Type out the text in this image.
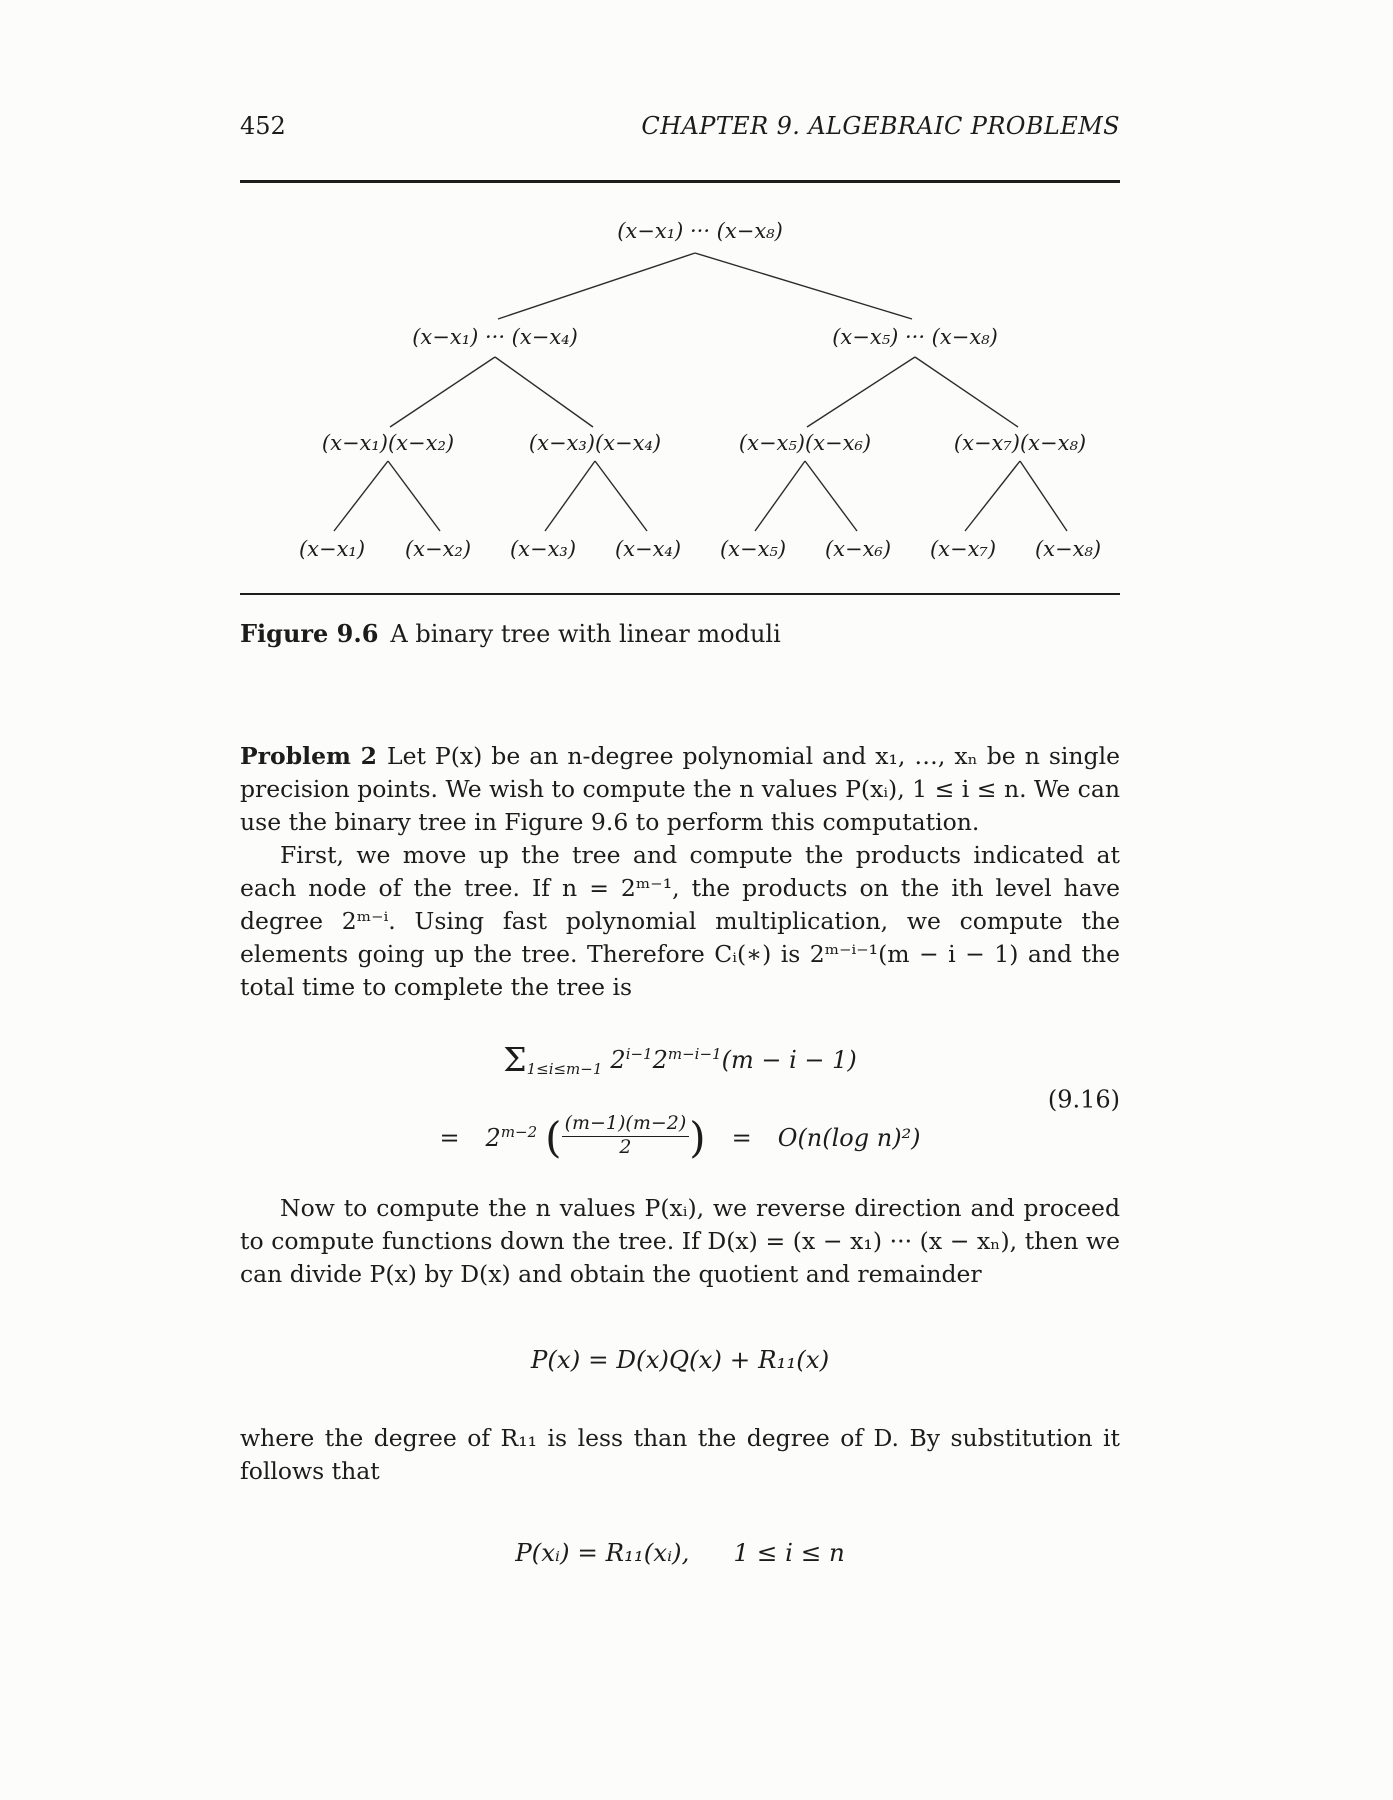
452	CHAPTER 9. ALGEBRAIC PROBLEMS
(x−x₁) ··· (x−x₈)
(x−x₁) ··· (x−x₄)	(x−x₅) ··· (x−x₈)
(x−x₁)(x−x₂)	(x−x₃)(x−x₄)	(x−x₅)(x−x₆)	(x−x₇)(x−x₈)
(x−x₁) (x−x₂) (x−x₃) (x−x₄) (x−x₅) (x−x₆) (x−x₇) (x−x₈)
Figure 9.6 A binary tree with linear moduli

Problem 2 Let P(x) be an n-degree polynomial and x₁, …, xₙ be n single precision points. We wish to compute the n values P(xᵢ), 1 ≤ i ≤ n. We can use the binary tree in Figure 9.6 to perform this computation.

First, we move up the tree and compute the products indicated at each node of the tree. If n = 2ᵐ⁻¹, the products on the ith level have degree 2ᵐ⁻ⁱ. Using fast polynomial multiplication, we compute the elements going up the tree. Therefore Cᵢ(∗) is 2ᵐ⁻ⁱ⁻¹(m − i − 1) and the total time to complete the tree is

$\Sigma_{1\le i\le m-1}$ $2^{i-1}2^{m-i-1}(m - i - 1)$
= $2^{m-2}$ ( $\frac{(m-1)(m-2)}{2}$ ) = O(n(log n)²)
(9.16)

Now to compute the n values P(xᵢ), we reverse direction and proceed to compute functions down the tree. If D(x) = (x − x₁) ··· (x − xₙ), then we can divide P(x) by D(x) and obtain the quotient and remainder

P(x) = D(x)Q(x) + R₁₁(x)

where the degree of R₁₁ is less than the degree of D. By substitution it follows that

P(xᵢ) = R₁₁(xᵢ), 1 ≤ i ≤ n
